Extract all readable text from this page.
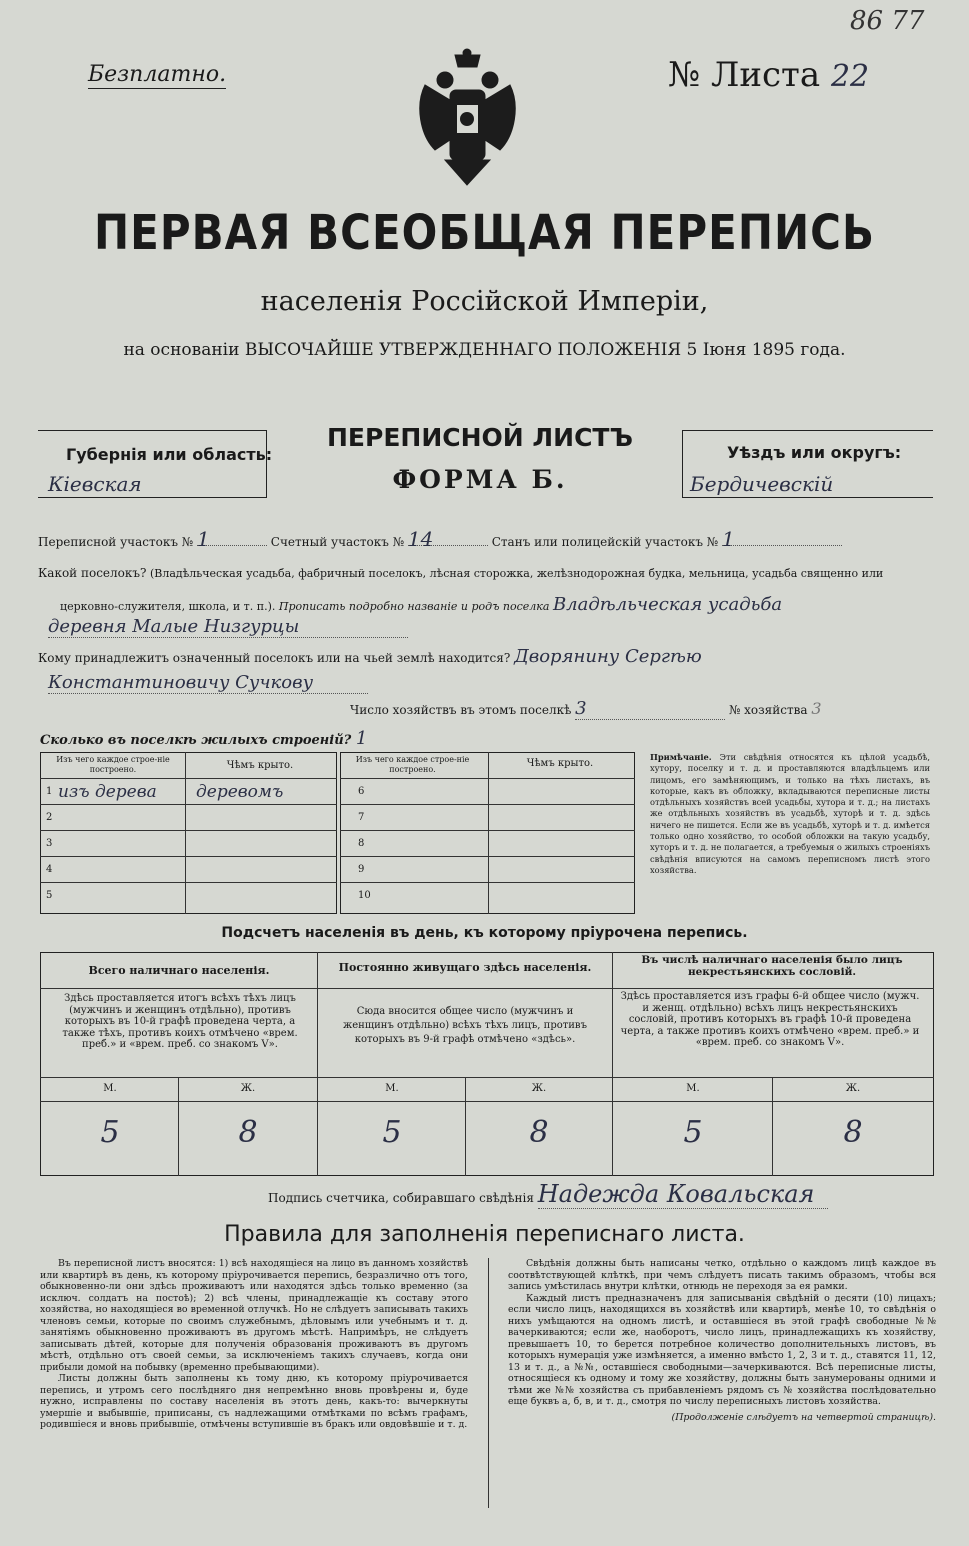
Безплатно.	№ Листа 22
86 77
ПЕРВАЯ ВСЕОБЩАЯ ПЕРЕПИСЬ
населенія Россійской Имперіи,
на основаніи ВЫСОЧАЙШЕ УТВЕРЖДЕННАГО ПОЛОЖЕНІЯ 5 Іюня 1895 года.
Губернія или область:
Кіевская
ПЕРЕПИСНОЙ ЛИСТЪ
ФОРМА Б.
Уѣздъ или округъ:
Бердичевскій
Переписной участокъ № 1	Счетный участокъ № 14	Станъ или полицейскій участокъ № 1
Какой поселокъ? (Владѣльческая усадьба, фабричный поселокъ, лѣсная сторожка, желѣзнодорожная будка, мельница, усадьба священно или
церковно-служителя, школа, и т. п.). Прописать подробно названіе и родъ поселка Владѣльческая усадьба
деревня Малые Низгурцы
Кому принадлежитъ означенный поселокъ или на чьей землѣ находится? Дворянину Сергѣю
Константиновичу Сучкову
Число хозяйствъ въ этомъ поселкѣ 3	№ хозяйства 3
Сколько въ поселкѣ жилыхъ строеній? 1
Изъ чего каждое строе-ніе построено.	Чѣмъ крыто.
Изъ чего каждое строе-ніе построено.
Чѣмъ крыто.
1 изъ дерева деревомъ
2
3
4
5
6
7
8
9
10
Примѣчаніе. Эти свѣдѣнія относятся къ цѣлой усадьбѣ, хутору, поселку и т. д. и проставляются владѣльцемъ или лицомъ, его замѣняющимъ, и только на тѣхъ листахъ, въ которые, какъ въ обложку, вкладываются переписные листы отдѣльныхъ хозяйствъ всей усадьбы, хутора и т. д.; на листахъ же отдѣльныхъ хозяйствъ въ усадьбѣ, хуторѣ и т. д. здѣсь ничего не пишется. Если же въ усадьбѣ, хуторѣ и т. д. имѣется только одно хозяйство, то особой обложки на такую усадьбу, хуторъ и т. д. не полагается, а требуемыя о жилыхъ строеніяхъ свѣдѣнія вписуются на самомъ переписномъ листѣ этого хозяйства.
Подсчетъ населенія въ день, къ которому пріурочена перепись.
Всего наличнаго населенія.	Постоянно живущаго здѣсь населенія.
Въ числѣ наличнаго населенія было лицъ некрестьянскихъ сословій.
Здѣсь проставляется итогъ всѣхъ тѣхъ лицъ (мужчинъ и женщинъ отдѣльно), противъ которыхъ въ 10-й графѣ проведена черта, а также тѣхъ, противъ коихъ отмѣчено «врем. преб.» и «врем. преб. со знакомъ V».
Сюда вносится общее число (мужчинъ и женщинъ отдѣльно) всѣхъ тѣхъ лицъ, противъ которыхъ въ 9-й графѣ отмѣчено «здѣсь».
Здѣсь проставляется изъ графы 6-й общее число (мужч. и женщ. отдѣльно) всѣхъ лицъ некрестьянскихъ сословій, противъ которыхъ въ графѣ 10-й проведена черта, а также противъ коихъ отмѣчено «врем. преб.» и «врем. преб. со знакомъ V».
М.	Ж.	М.	Ж.	М.	Ж.
5	8	5	8	5	8
Подпись счетчика, собиравшаго свѣдѣнія Надежда Ковальская
Правила для заполненія переписнаго листа.
Въ переписной листъ вносятся: 1) всѣ находящіеся на лицо въ данномъ хозяйствѣ или квартирѣ въ день, къ которому пріурочивается перепись, безразлично отъ того, обыкновенно-ли они здѣсь проживаютъ или находятся здѣсь только временно (за исключ. солдатъ на постоѣ); 2) всѣ члены, принадлежащіе къ составу этого хозяйства, но находящіеся во временной отлучкѣ. Но не слѣдуетъ записывать такихъ членовъ семьи, которые по своимъ служебнымъ, дѣловымъ или учебнымъ и т. д. занятіямъ обыкновенно проживаютъ въ другомъ мѣстѣ. Напримѣръ, не слѣдуетъ записывать дѣтей, которые для полученія образованія проживаютъ въ другомъ мѣстѣ, отдѣльно отъ своей семьи, за исключеніемъ такихъ случаевъ, когда они прибыли домой на побывку (временно пребывающими).
Листы должны быть заполнены къ тому дню, къ которому пріурочивается перепись, и утромъ сего послѣдняго дня непремѣнно вновь провѣрены и, буде нужно, исправлены по составу населенія въ этотъ день, какъ-то: вычеркнуты умершіе и выбывшіе, приписаны, съ надлежащими отмѣтками по всѣмъ графамъ, родившіеся и вновь прибывшіе, отмѣчены вступившіе въ бракъ или овдовѣвшіе и т. д.
Свѣдѣнія должны быть написаны четко, отдѣльно о каждомъ лицѣ каждое въ соотвѣтствующей клѣткѣ, при чемъ слѣдуетъ писать такимъ образомъ, чтобы вся запись умѣстилась внутри клѣтки, отнюдь не переходя за ея рамки.
Каждый листъ предназначенъ для записыванія свѣдѣній о десяти (10) лицахъ; если число лицъ, находящихся въ хозяйствѣ или квартирѣ, менѣе 10, то свѣдѣнія о нихъ умѣщаются на одномъ листѣ, и оставшіеся въ этой графѣ свободные №№ вачеркиваются; если же, наоборотъ, число лицъ, принадлежащихъ къ хозяйству, превышаетъ 10, то берется потребное количество дополнительныхъ листовъ, въ которыхъ нумерація уже измѣняется, а именно вмѣсто 1, 2, 3 и т. д., ставятся 11, 12, 13 и т. д., а №№, оставшіеся свободными—зачеркиваются. Всѣ переписные листы, относящіеся къ одному и тому же хозяйству, должны быть занумерованы одними и тѣми же №№ хозяйства съ прибавленіемъ рядомъ съ № хозяйства послѣдовательно еще буквъ а, б, в, и т. д., смотря по числу переписныхъ листовъ хозяйства.
(Продолженіе слѣдуетъ на четвертой страницѣ).
